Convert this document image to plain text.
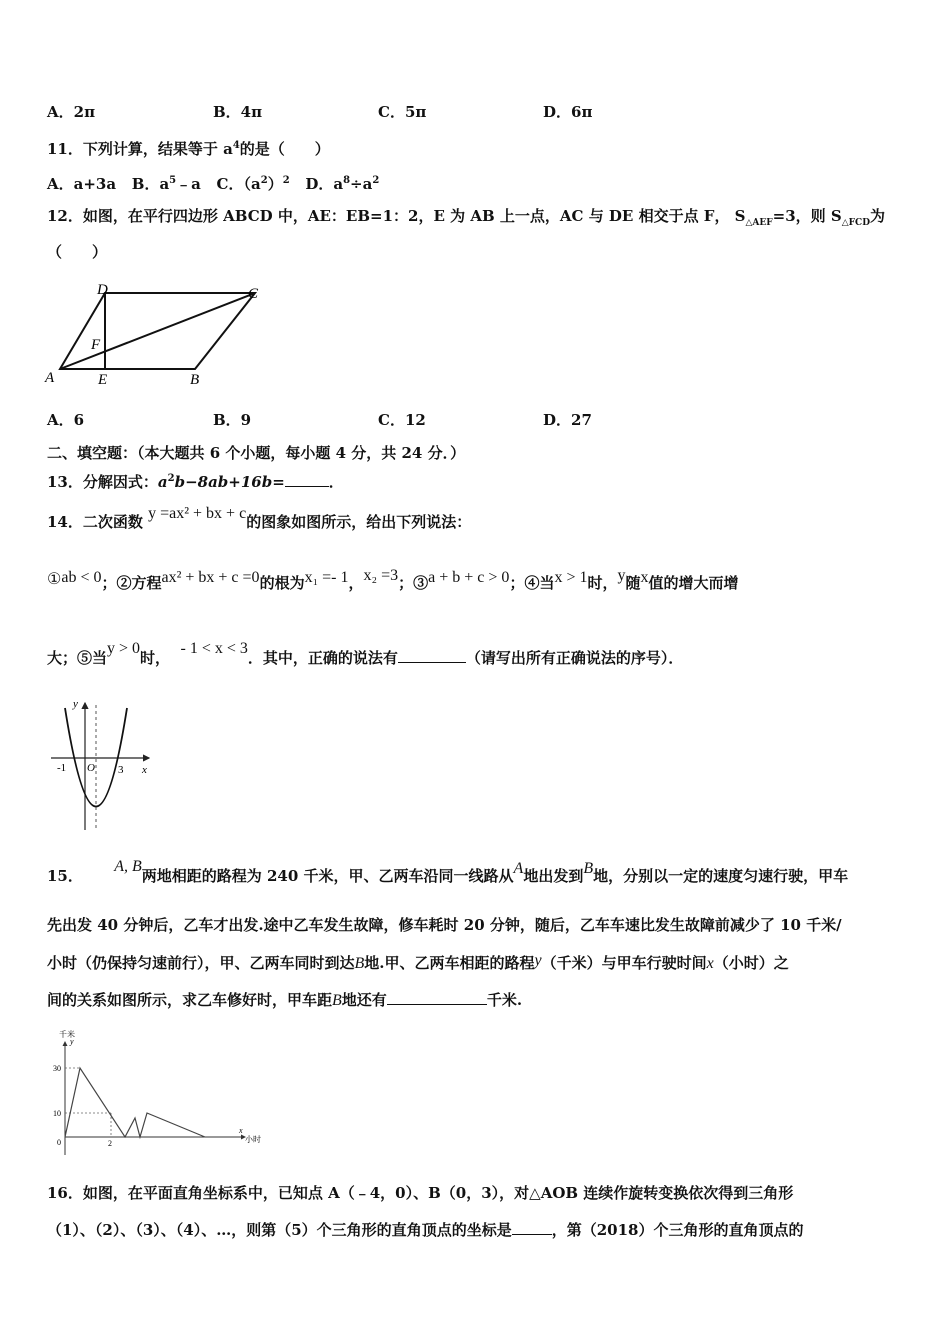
A．2π	B．4π	C．5π	D．6π
11．下列计算，结果等于 $a^4$的是（　　）
A．a+3a B．$a^5﹣a$ C．$(a^2)^2$ D．$a^8\div a^2$
12．如图，在平行四边形 ABCD 中，AE：EB=1：2，E 为 AB 上一点，AC 与 DE 相交于点 F， $S_{\triangle AEF}=3$，则 $S_{\triangle FCD}$为
（　　）
D	C
F
A	E	B
A．6	B．9	C．12	D．27
二、填空题：（本大题共 6 个小题，每小题 4 分，共 24 分．）
13．分解因式：$a^2b-8ab+16b=$	．
14．二次函数 y =ax² + bx + c的图象如图所示，给出下列说法：
①ab < 0；②方程ax² + bx + c =0的根为x₁ =- 1，x₂ =3；③a + b + c > 0；④当x > 1时，y随x值的增大而增
大；⑤当y > 0时，  - 1 < x < 3．其中，正确的说法有	（请写出所有正确说法的序号）．
y
x
O
-1	3
15．      A, B两地相距的路程为 240 千米，甲、乙两车沿同一线路从A地出发到B地，分别以一定的速度匀速行驶，甲车
先出发 40 分钟后，乙车才出发.途中乙车发生故障，修车耗时 20 分钟，随后，乙车车速比发生故障前减少了 10 千米/
小时（仍保持匀速前行），甲、乙两车同时到达B地.甲、乙两车相距的路程y（千米）与甲车行驶时间x（小时）之
间的关系如图所示，求乙车修好时，甲车距B地还有	千米.
千米
y
30
10
0	2
x
小时
16．如图，在平面直角坐标系中，已知点 A（﹣4，0）、B（0，3），对△AOB 连续作旋转变换依次得到三角形
（1）、（2）、（3）、（4）、…，则第（5）个三角形的直角顶点的坐标是	，第（2018）个三角形的直角顶点的
